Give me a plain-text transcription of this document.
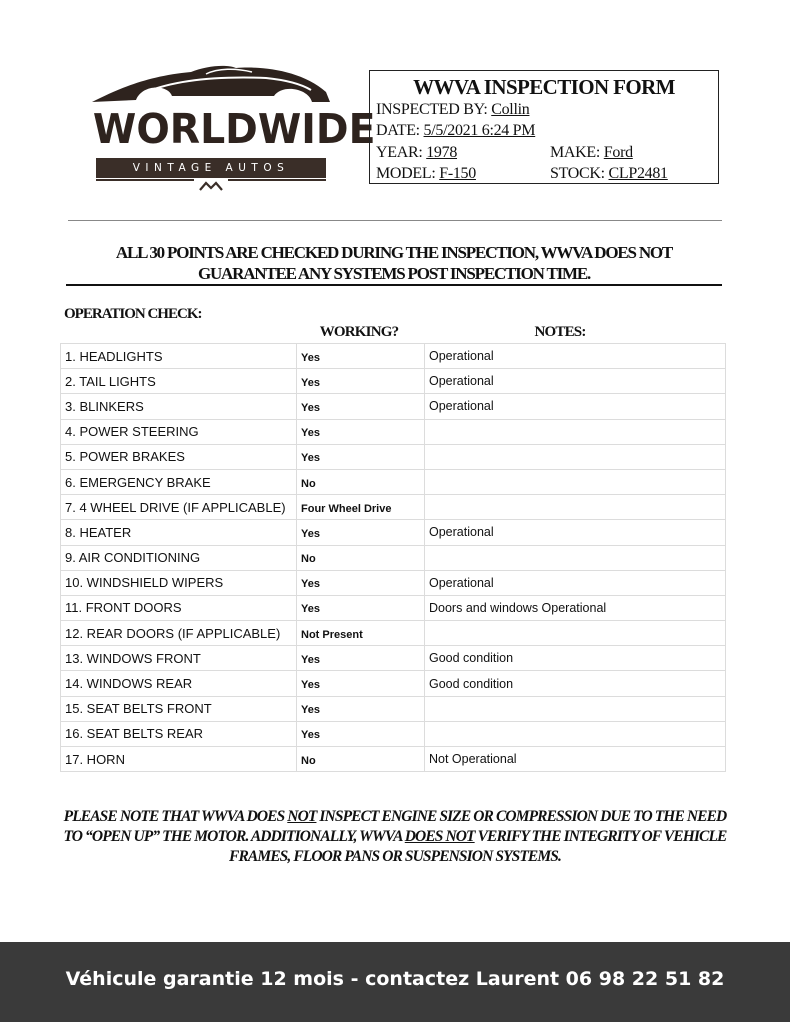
WORLDWIDE
VINTAGE AUTOS
WWVA INSPECTION FORM
INSPECTED BY: Collin
DATE: 5/5/2021 6:24 PM
YEAR: 1978	MAKE: Ford
MODEL: F-150	STOCK: CLP2481
ALL 30 POINTS ARE CHECKED DURING THE INSPECTION, WWVA DOES NOT GUARANTEE ANY SYSTEMS POST INSPECTION TIME.
OPERATION CHECK:
WORKING?	NOTES:
1. HEADLIGHTS	Yes	Operational
2. TAIL LIGHTS	Yes	Operational
3. BLINKERS	Yes	Operational
4. POWER STEERING	Yes	
5. POWER BRAKES	Yes	
6. EMERGENCY BRAKE	No	
7. 4 WHEEL DRIVE (IF APPLICABLE)	Four Wheel Drive	
8. HEATER	Yes	Operational
9. AIR CONDITIONING	No	
10. WINDSHIELD WIPERS	Yes	Operational
11. FRONT DOORS	Yes	Doors and windows Operational
12. REAR DOORS (IF APPLICABLE)	Not Present	
13. WINDOWS FRONT	Yes	Good condition
14. WINDOWS REAR	Yes	Good condition
15. SEAT BELTS FRONT	Yes	
16. SEAT BELTS REAR	Yes	
17. HORN	No	Not Operational
PLEASE NOTE THAT WWVA DOES NOT INSPECT ENGINE SIZE OR COMPRESSION DUE TO THE NEED TO “OPEN UP” THE MOTOR. ADDITIONALLY, WWVA DOES NOT VERIFY THE INTEGRITY OF VEHICLE FRAMES, FLOOR PANS OR SUSPENSION SYSTEMS.
Véhicule garantie 12 mois - contactez Laurent 06 98 22 51 82
